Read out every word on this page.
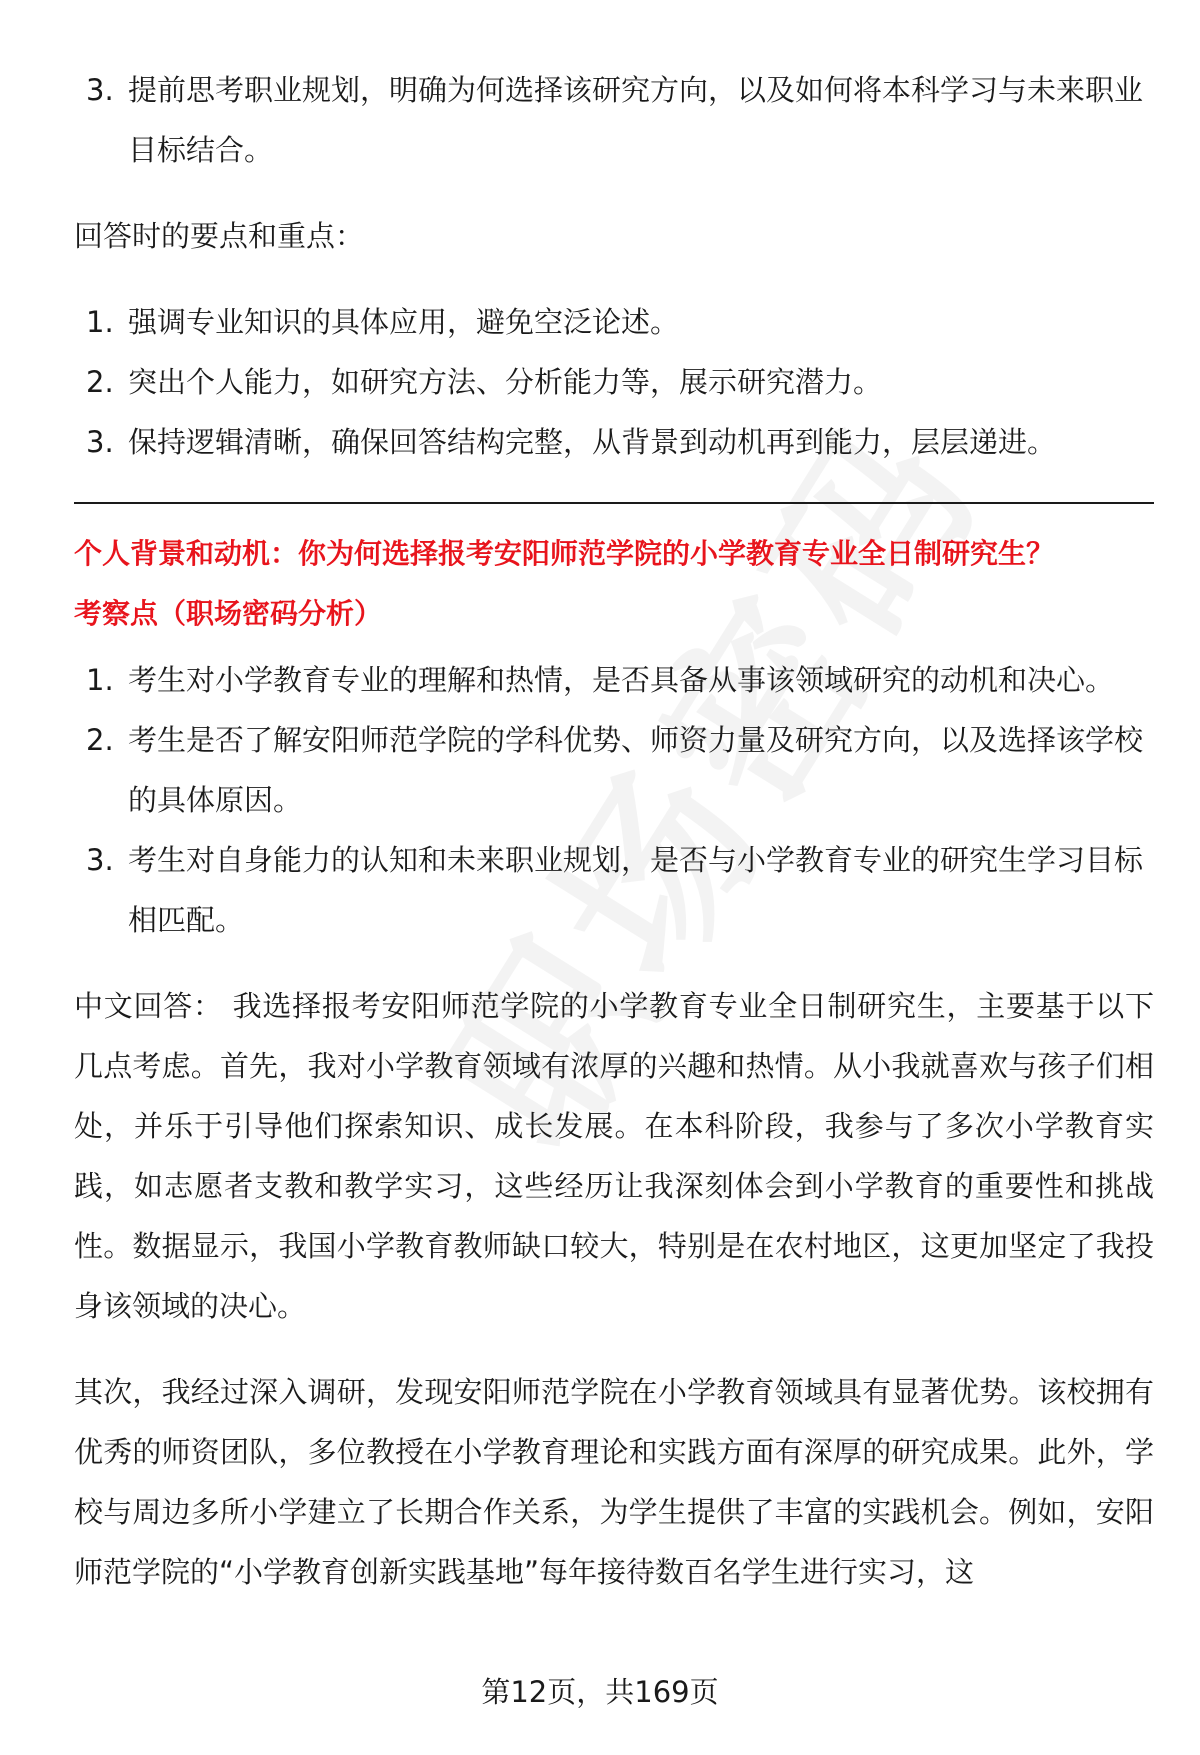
3. 提前思考职业规划，明确为何选择该研究方向，以及如何将本科学习与未来职业目标结合。

回答时的要点和重点：

1. 强调专业知识的具体应用，避免空泛论述。
2. 突出个人能力，如研究方法、分析能力等，展示研究潜力。
3. 保持逻辑清晰，确保回答结构完整，从背景到动机再到能力，层层递进。

个人背景和动机：你为何选择报考安阳师范学院的小学教育专业全日制研究生？

考察点（职场密码分析）

1. 考生对小学教育专业的理解和热情，是否具备从事该领域研究的动机和决心。
2. 考生是否了解安阳师范学院的学科优势、师资力量及研究方向，以及选择该学校的具体原因。
3. 考生对自身能力的认知和未来职业规划，是否与小学教育专业的研究生学习目标相匹配。

中文回答： 我选择报考安阳师范学院的小学教育专业全日制研究生，主要基于以下几点考虑。首先，我对小学教育领域有浓厚的兴趣和热情。从小我就喜欢与孩子们相处，并乐于引导他们探索知识、成长发展。在本科阶段，我参与了多次小学教育实践，如志愿者支教和教学实习，这些经历让我深刻体会到小学教育的重要性和挑战性。数据显示，我国小学教育教师缺口较大，特别是在农村地区，这更加坚定了我投身该领域的决心。

其次，我经过深入调研，发现安阳师范学院在小学教育领域具有显著优势。该校拥有优秀的师资团队，多位教授在小学教育理论和实践方面有深厚的研究成果。此外，学校与周边多所小学建立了长期合作关系，为学生提供了丰富的实践机会。例如，安阳师范学院的“小学教育创新实践基地”每年接待数百名学生进行实习，这

第12页，共169页
